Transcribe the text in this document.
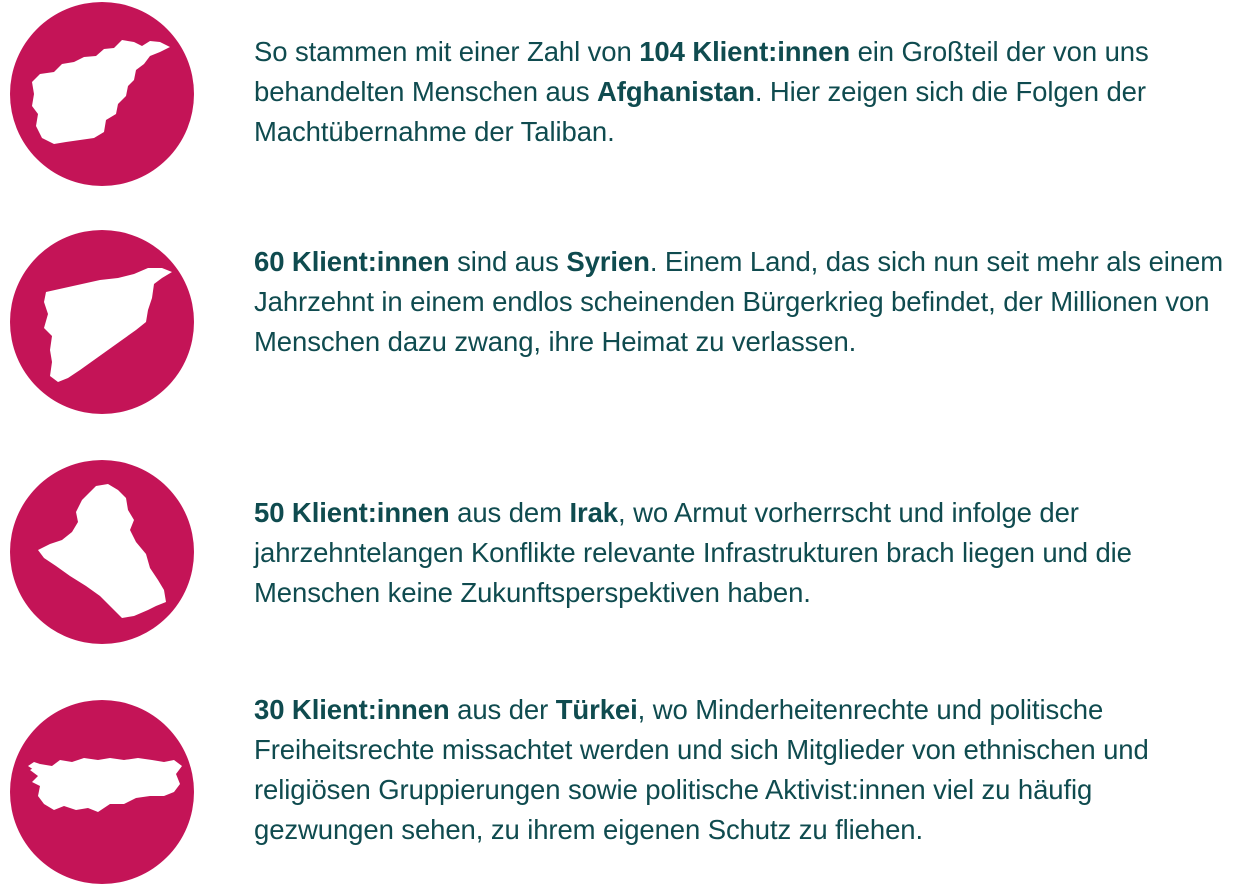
So stammen mit einer Zahl von 104 Klient:innen ein Großteil der von uns behandelten Menschen aus Afghanistan. Hier zeigen sich die Folgen der Machtübernahme der Taliban.
60 Klient:innen sind aus Syrien. Einem Land, das sich nun seit mehr als einem Jahrzehnt in einem endlos scheinenden Bürgerkrieg befindet, der Millionen von Menschen dazu zwang, ihre Heimat zu verlassen.
50 Klient:innen aus dem Irak, wo Armut vorherrscht und infolge der jahrzehntelangen Konflikte relevante Infrastrukturen brach liegen und die Menschen keine Zukunftsperspektiven haben.
30 Klient:innen aus der Türkei, wo Minderheitenrechte und politische Freiheitsrechte missachtet werden und sich Mitglieder von ethnischen und religiösen Gruppierungen sowie politische Aktivist:innen viel zu häufig gezwungen sehen, zu ihrem eigenen Schutz zu fliehen.
